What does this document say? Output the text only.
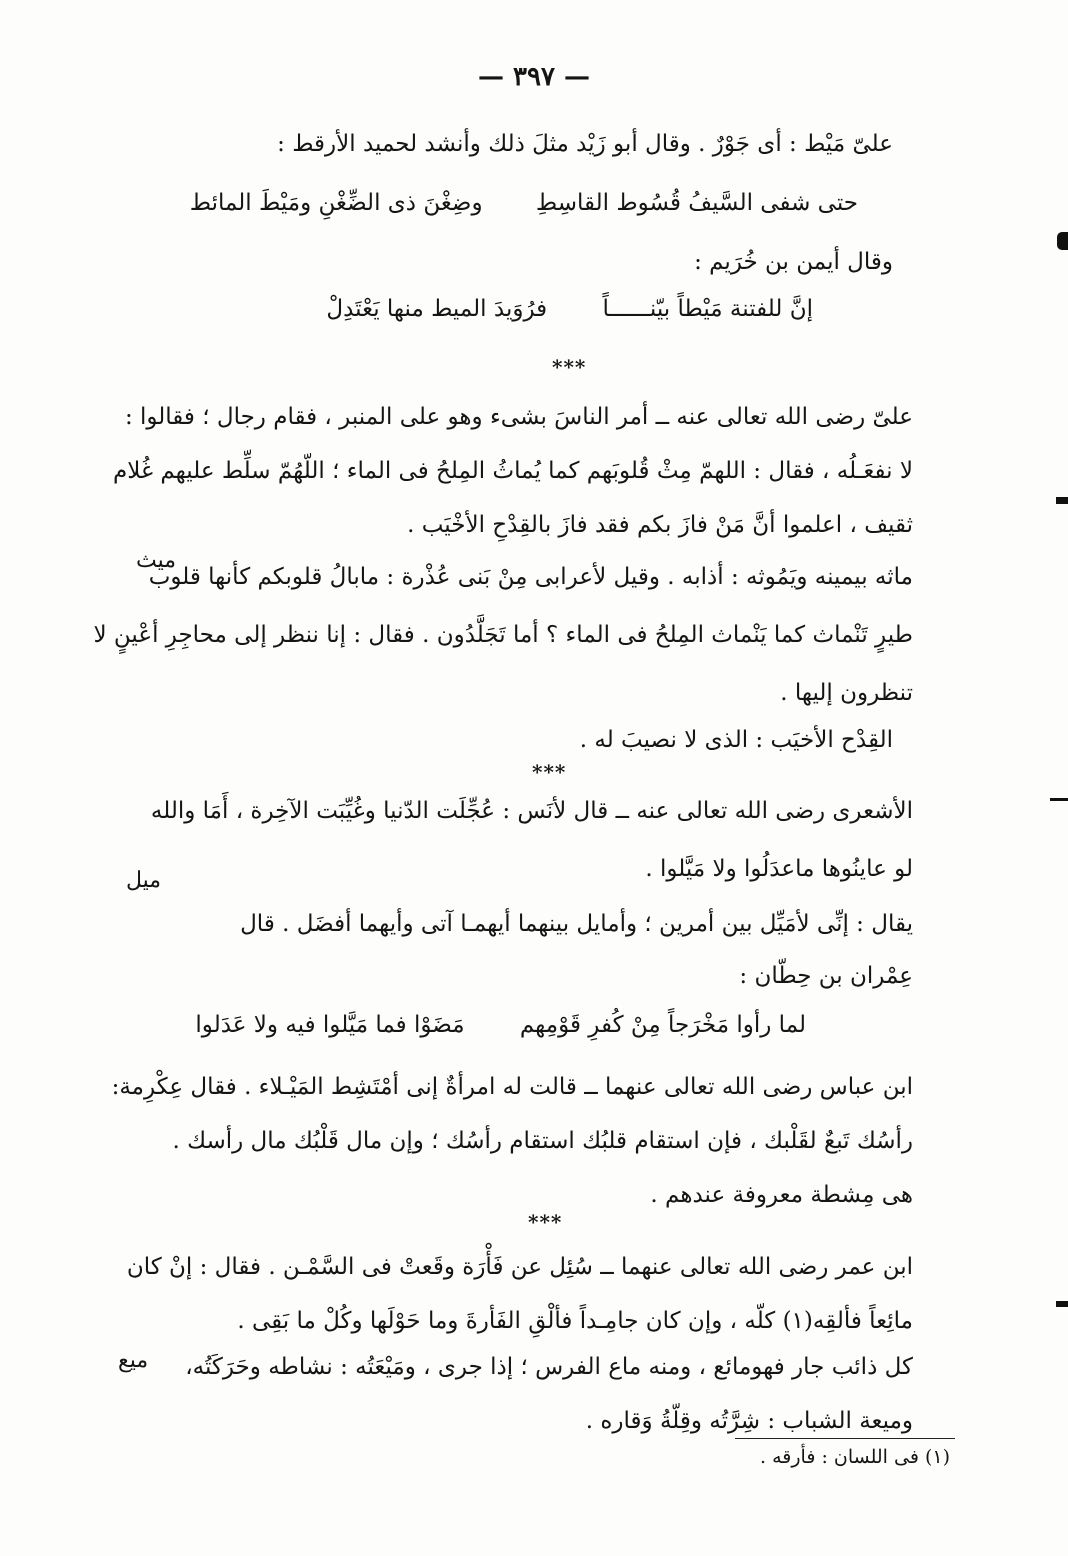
— ٣٩٧ —

علىّ مَيْط : أى جَوْرٌ . وقال أبو زَيْد مثلَ ذلك وأنشد لحميد الأرقط :

حتى شفى السَّيفُ قُسُوط القاسِطِ وضِغْنَ ذى الضِّغْنِ ومَيْطَ المائط

وقال أيمن بن خُرَيم :

إنَّ للفتنة مَيْطاً بيّنــــــاً فرُوَيدَ الميط منها يَعْتَدِلْ
***

علىّ رضى الله تعالى عنه ــ أمر الناسَ بشىء وهو على المنبر ، فقام رجال ؛ فقالوا :

لا نفعَـلُه ، فقال : اللهمّ مِثْ قُلوبَهم كما يُماثُ المِلحُ فى الماء ؛ اللّهُمّ سلِّط عليهم غُلام

ثقيف ، اعلموا أنَّ مَنْ فازَ بكم فقد فازَ بالقِدْحِ الأخْيَب .

ميث

ماثه بيمينه ويَمُوثه : أذابه . وقيل لأعرابى مِنْ بَنى عُذْرة : مابالُ قلوبكم كأنها قلوب

طيرٍ تَنْماث كما يَنْماث المِلحُ فى الماء ؟ أما تَجَلَّدُون . فقال : إنا ننظر إلى محاجِرِ أعْينٍ لا

تنظرون إليها .

القِدْح الأخيَب : الذى لا نصيبَ له .

***

الأشعرى رضى الله تعالى عنه ــ قال لأنَس : عُجِّلَت الدّنيا وغُيِّبَت الآخِرة ، أَمَا والله

لو عاينُوها ماعدَلُوا ولا مَيَّلوا .

ميل

يقال : إنِّى لأمَيِّل بين أمرين ؛ وأمايل بينهما أيهمـا آتى وأيهما أفضَل . قال

عِمْران بن حِطّان :

لما رأوا مَخْرَجاً مِنْ كُفرِ قَوْمِهم مَضَوْا فما مَيَّلوا فيه ولا عَدَلوا

ابن عباس رضى الله تعالى عنهما ــ قالت له امرأةٌ إنى أمْتَشِط المَيْـلاء . فقال عِكْرِمة:

رأسُك تَبعٌ لقَلْبك ، فإن استقام قلبُك استقام رأسُك ؛ وإن مال قَلْبُك مال رأسك .

هى مِشطة معروفة عندهم .

***

ابن عمر رضى الله تعالى عنهما ــ سُئِل عن فَأْرَة وقَعتْ فى السَّمْـن . فقال : إنْ كان

مائِعاً فألقِه(١) كلّه ، وإن كان جامِـداً فألْقِ الفَأرةَ وما حَوْلَها وكُلْ ما بَقِى .

ميع كل ذائب جار فهومائع ، ومنه ماع الفرس ؛ إذا جرى ، ومَيْعَتُه : نشاطه وحَرَكَتُه،

وميعة الشباب : شِرَّتُه وقِلّةُ وَقاره .

(١) فى اللسان : فأرقه .
